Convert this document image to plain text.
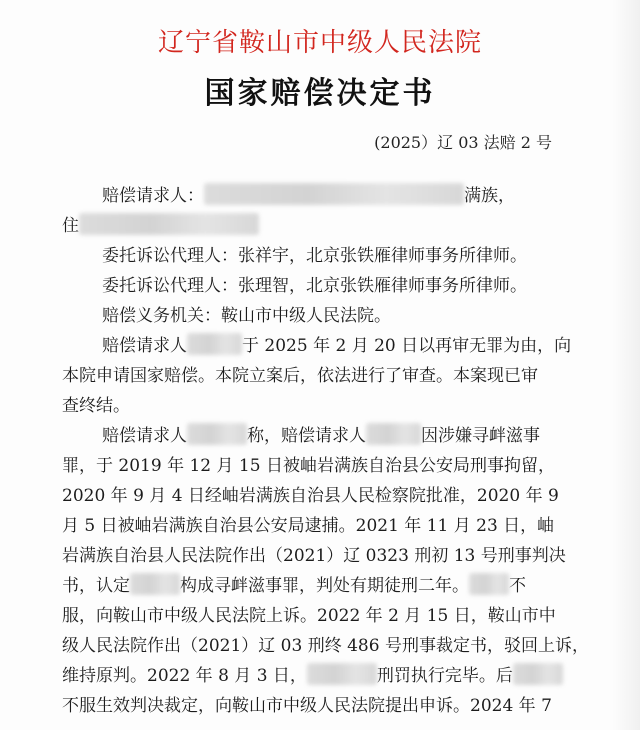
辽宁省鞍山市中级人民法院
国家赔偿决定书
(2025）辽 03 法赔 2 号
赔偿请求人：	满族，
住
委托诉讼代理人：张祥宇，北京张铁雁律师事务所律师。
委托诉讼代理人：张理智，北京张铁雁律师事务所律师。
赔偿义务机关：鞍山市中级人民法院。
赔偿请求人	于 2025 年 2 月 20 日以再审无罪为由，向
本院申请国家赔偿。本院立案后，依法进行了审查。本案现已审
查终结。
赔偿请求人	称，赔偿请求人	因涉嫌寻衅滋事
罪，于 2019 年 12 月 15 日被岫岩满族自治县公安局刑事拘留，
2020 年 9 月 4 日经岫岩满族自治县人民检察院批准，2020 年 9
月 5 日被岫岩满族自治县公安局逮捕。2021 年 11 月 23 日，岫
岩满族自治县人民法院作出（2021）辽 0323 刑初 13 号刑事判决
书，认定	构成寻衅滋事罪，判处有期徒刑二年。 不
服，向鞍山市中级人民法院上诉。2022 年 2 月 15 日，鞍山市中
级人民法院作出（2021）辽 03 刑终 486 号刑事裁定书，驳回上诉，
维持原判。2022 年 8 月 3 日，	刑罚执行完毕。后
不服生效判决裁定，向鞍山市中级人民法院提出申诉。2024 年 7
